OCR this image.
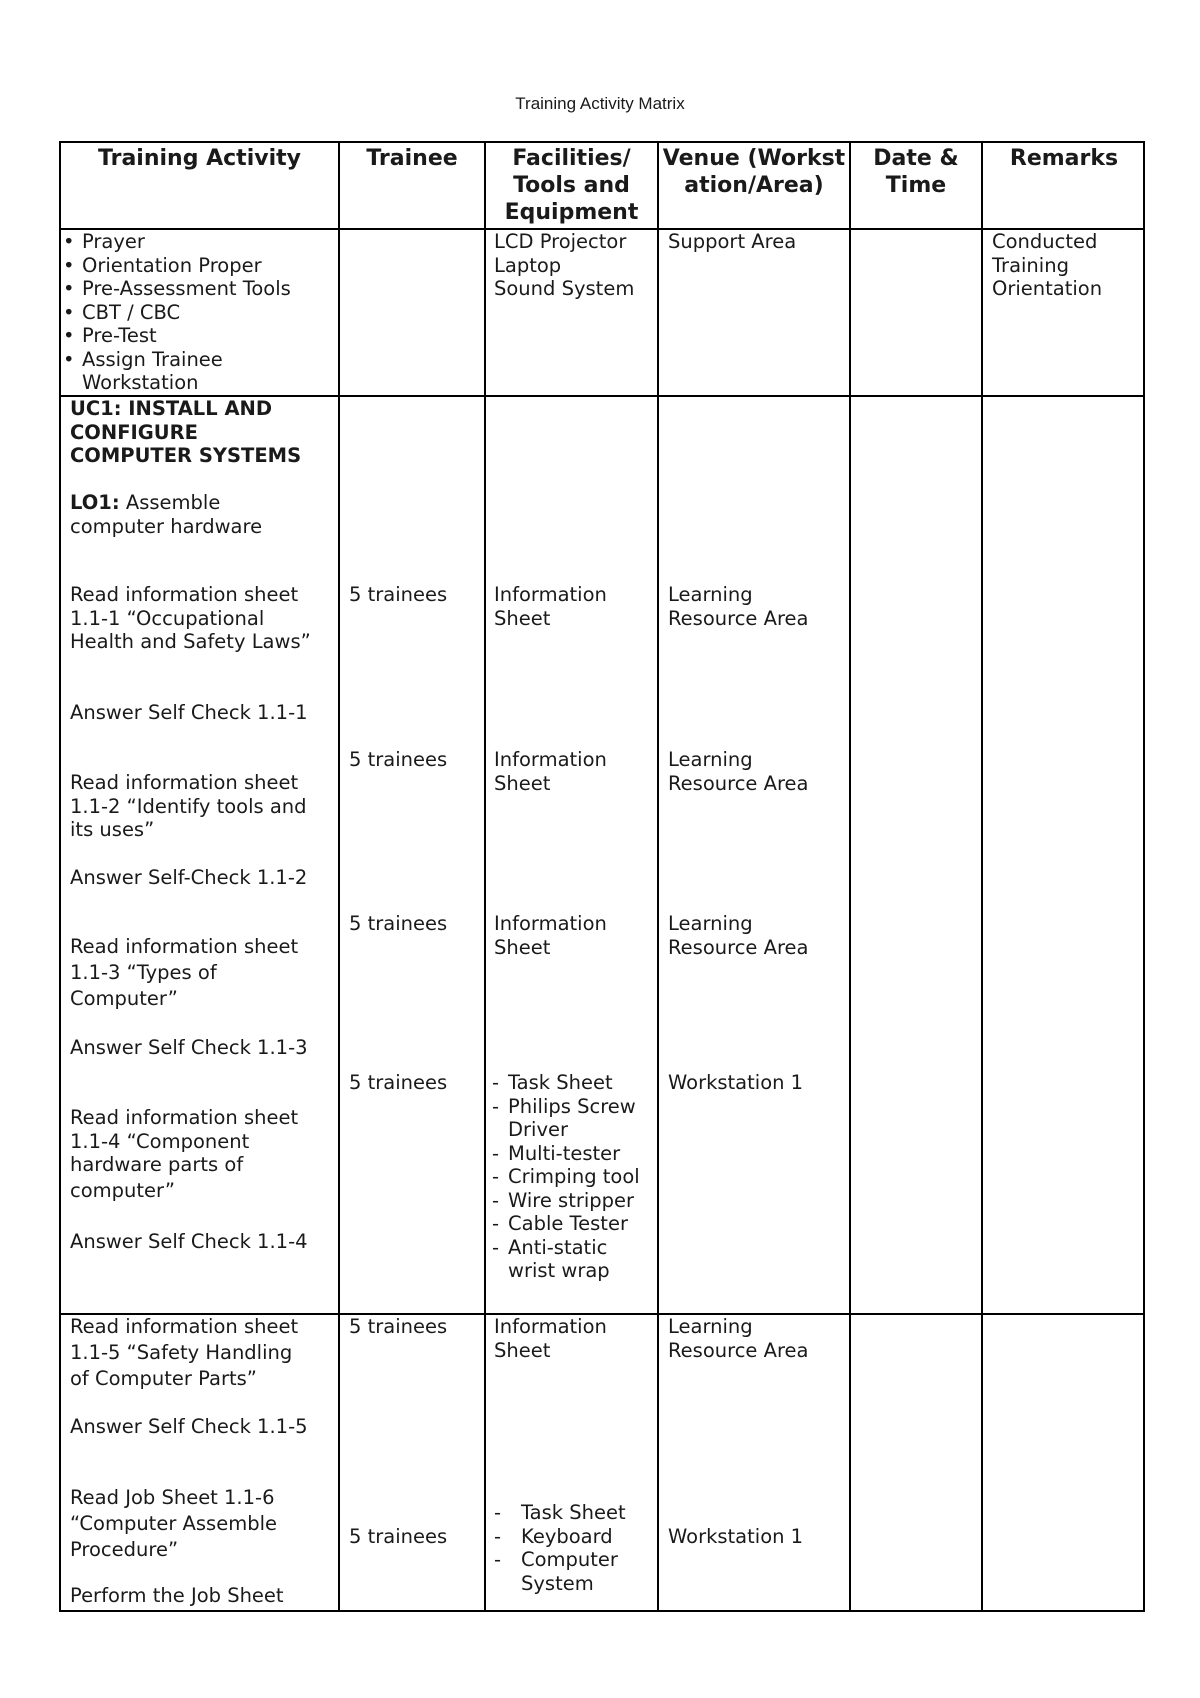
Training Activity Matrix
Training Activity	Trainee	Facilities/ Tools and Equipment
Venue (Workstation/Area)
Date & Time
Remarks
• Prayer
• Orientation Proper
• Pre-Assessment Tools
• CBT / CBC
• Pre-Test
• Assign Trainee Workstation
LCD Projector
Laptop
Sound System
Support Area	Conducted
Training
Orientation
UC1: INSTALL AND
CONFIGURE
COMPUTER SYSTEMS
LO1: Assemble
computer hardware
Read information sheet
1.1-1 “Occupational
Health and Safety Laws”
Answer Self Check 1.1-1
5 trainees Information
Sheet
Learning
Resource Area
5 trainees Information
Sheet
Learning
Resource Area
Read information sheet
1.1-2 “Identify tools and
its uses”
Answer Self-Check 1.1-2
5 trainees Information
Sheet
Learning
Resource Area
Read information sheet
1.1-3 “Types of
Computer”
Answer Self Check 1.1-3
5 trainees
-	Task Sheet
- Philips Screw Driver
- Multi-tester
- Crimping tool
- Wire stripper
- Cable Tester
- Anti-static wrist wrap
Workstation 1
Read information sheet
1.1-4 “Component
hardware parts of
computer”
Answer Self Check 1.1-4
Read information sheet
1.1-5 “Safety Handling
of Computer Parts”
Answer Self Check 1.1-5
5 trainees Information
Sheet
Learning
Resource Area
Read Job Sheet 1.1-6
“Computer Assemble
Procedure”
Perform the Job Sheet
5 trainees
- Task Sheet
- Keyboard
- Computer System
Workstation 1
